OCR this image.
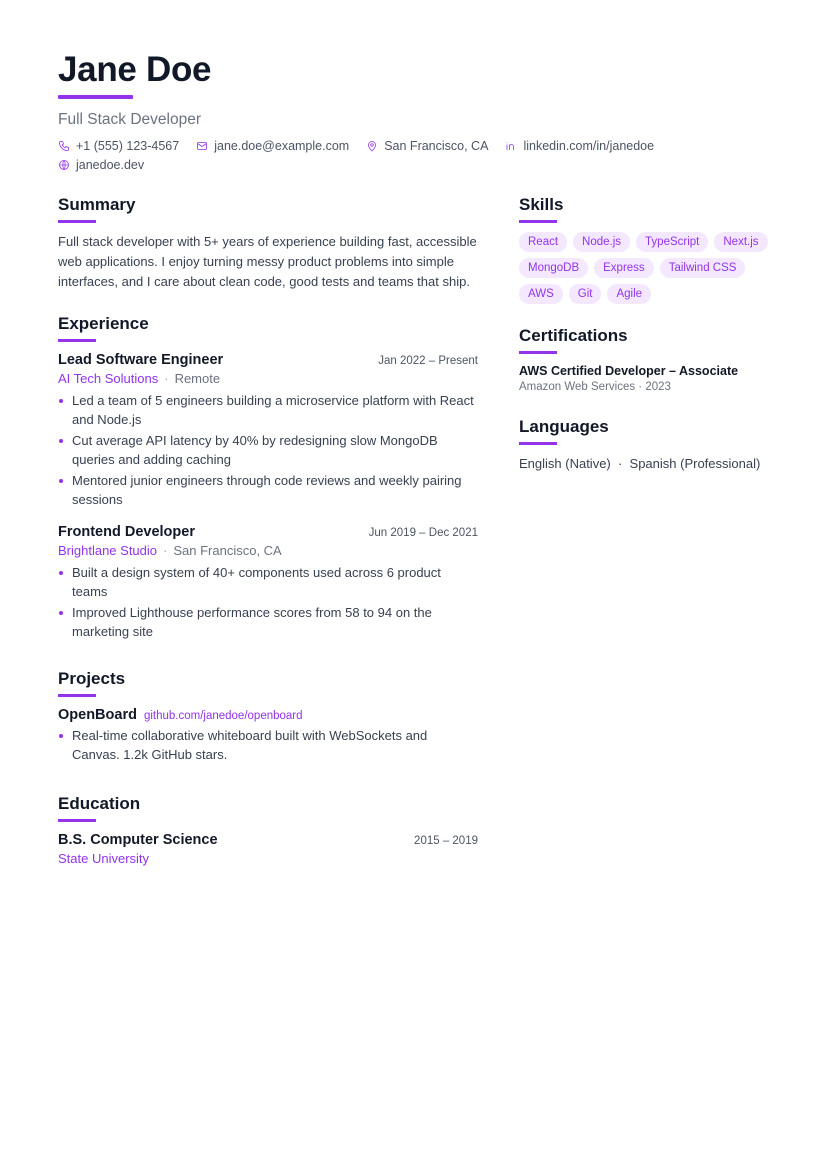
Jane Doe
Full Stack Developer
+1 (555) 123-4567	jane.doe@example.com	San Francisco, CA	linkedin.com/in/janedoe
janedoe.dev
Summary
Full stack developer with 5+ years of experience building fast, accessible web applications. I enjoy turning messy product problems into simple interfaces, and I care about clean code, good tests and teams that ship.
Experience
Lead Software Engineer	Jan 2022 – Present
AI Tech Solutions · Remote
Led a team of 5 engineers building a microservice platform with React and Node.js
Cut average API latency by 40% by redesigning slow MongoDB queries and adding caching
Mentored junior engineers through code reviews and weekly pairing sessions
Frontend Developer	Jun 2019 – Dec 2021
Brightlane Studio · San Francisco, CA
Built a design system of 40+ components used across 6 product teams
Improved Lighthouse performance scores from 58 to 94 on the marketing site
Projects
OpenBoard github.com/janedoe/openboard
Real-time collaborative whiteboard built with WebSockets and Canvas. 1.2k GitHub stars.
Education
B.S. Computer Science	2015 – 2019
State University
Skills
React	Node.js	TypeScript	Next.js
MongoDB	Express	Tailwind CSS
AWS	Git	Agile
Certifications
AWS Certified Developer – Associate
Amazon Web Services · 2023
Languages
English (Native)  ·  Spanish (Professional)
